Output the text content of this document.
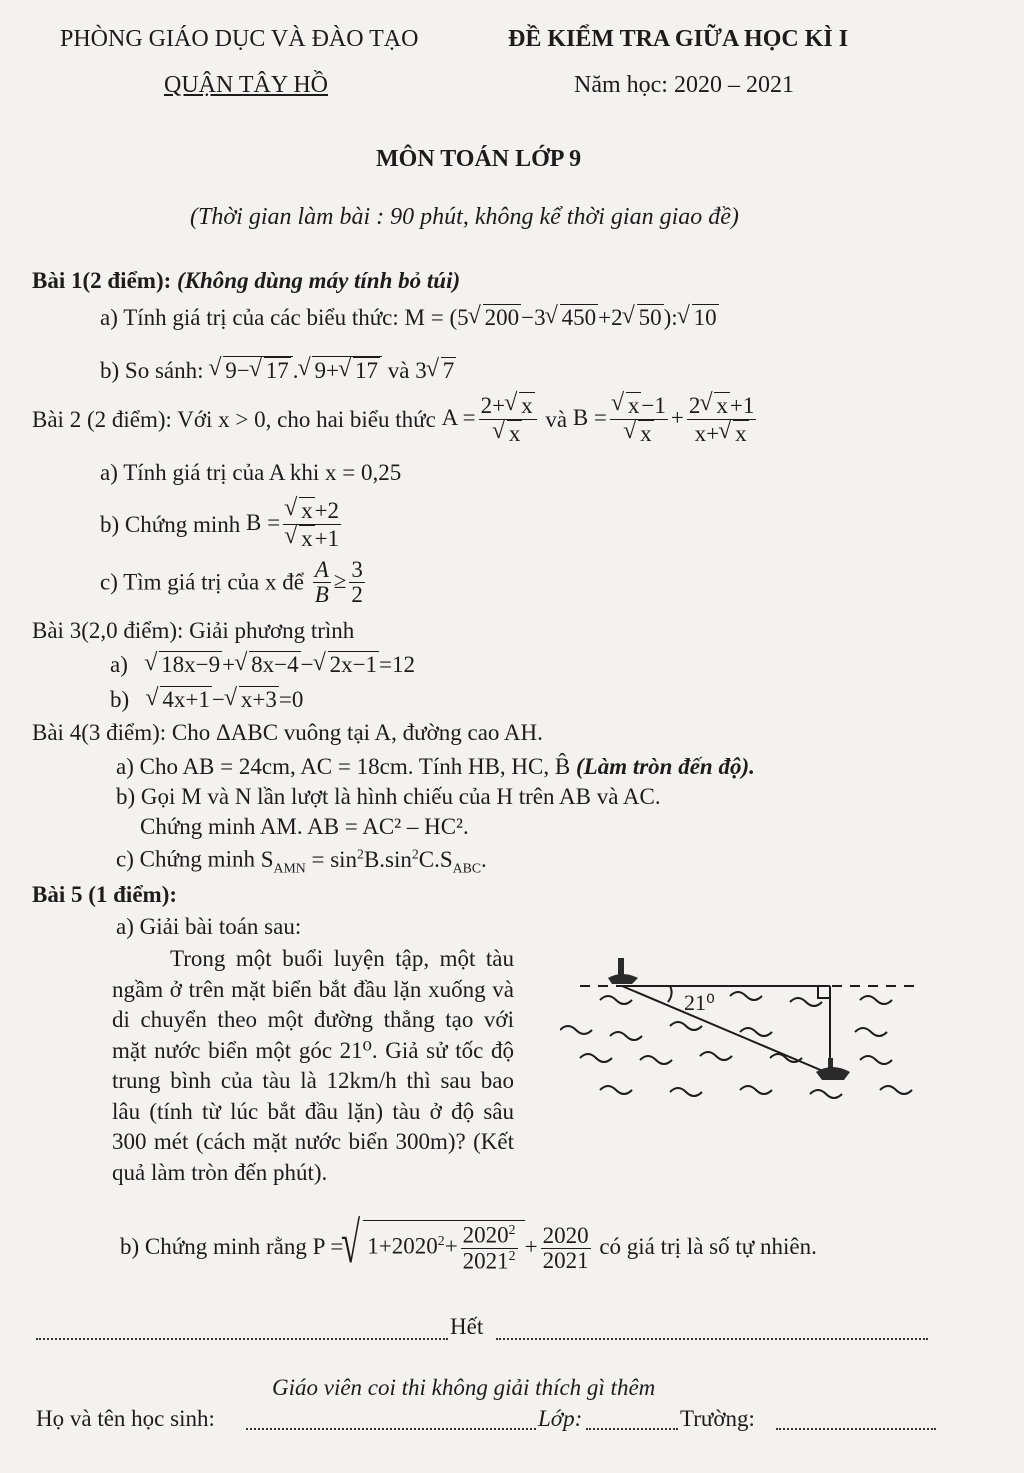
PHÒNG GIÁO DỤC VÀ ĐÀO TẠO
QUẬN TÂY HỒ
ĐỀ KIỂM TRA GIỮA HỌC KÌ I
Năm học: 2020 – 2021
MÔN TOÁN LỚP 9
(Thời gian làm bài : 90 phút, không kể thời gian giao đề)
Bài 1(2 điểm): (Không dùng máy tính bỏ túi)
a) Tính giá trị của các biểu thức: M = (5 √ 200−3 √ 450+2 √ 50): √ 10
b) So sánh: √ 9− √ 17 . √ 9+ √ 17 và 3 √ 7
Bài 2 (2 điểm): Với x > 0, cho hai biểu thức A = 2+ √ x
√ x và B = √ x−1
√ $x + \frac{2 √ x+1}{x+ √ x}$
a) Tính giá trị của A khi x = 0,25
b) Chứng minh B = √ x+2
√ x+1
c) Tìm giá trị của x để $\frac{A}{B} \ge \frac{3}{2}$
Bài 3(2,0 điểm): Giải phương trình
a) √ 18x−9+ √ 8x−4− √ 2x−1=12
b) √ 4x+1− √ x+3=0
Bài 4(3 điểm): Cho ΔABC vuông tại A, đường cao AH.
a) Cho AB = 24cm, AC = 18cm. Tính HB, HC, B̂ (Làm tròn đến độ).
b) Gọi M và N lần lượt là hình chiếu của H trên AB và AC.
Chứng minh AM. AB = AC² – HC².
c) Chứng minh $S_{AMN} = \sin^2B.\sin^2C.S_{ABC}$.
Bài 5 (1 điểm):
a) Giải bài toán sau:
Trong một buổi luyện tập, một tàu ngầm ở trên mặt biển bắt đầu lặn xuống và di chuyển theo một đường thẳng tạo với mặt nước biển một góc 21⁰. Giả sử tốc độ trung bình của tàu là 12km/h thì sau bao lâu (tính từ lúc bắt đầu lặn) tàu ở độ sâu 300 mét (cách mặt nước biển 300m)? (Kết quả làm tròn đến phút).
21⁰
b) Chứng minh rằng P = √ $1+2020^2+ \frac{2020^2}{2021^2} + \frac{2020}{2021}$ có giá trị là số tự nhiên.
Hết
Giáo viên coi thi không giải thích gì thêm
Họ và tên học sinh:	Lớp:	Trường:
